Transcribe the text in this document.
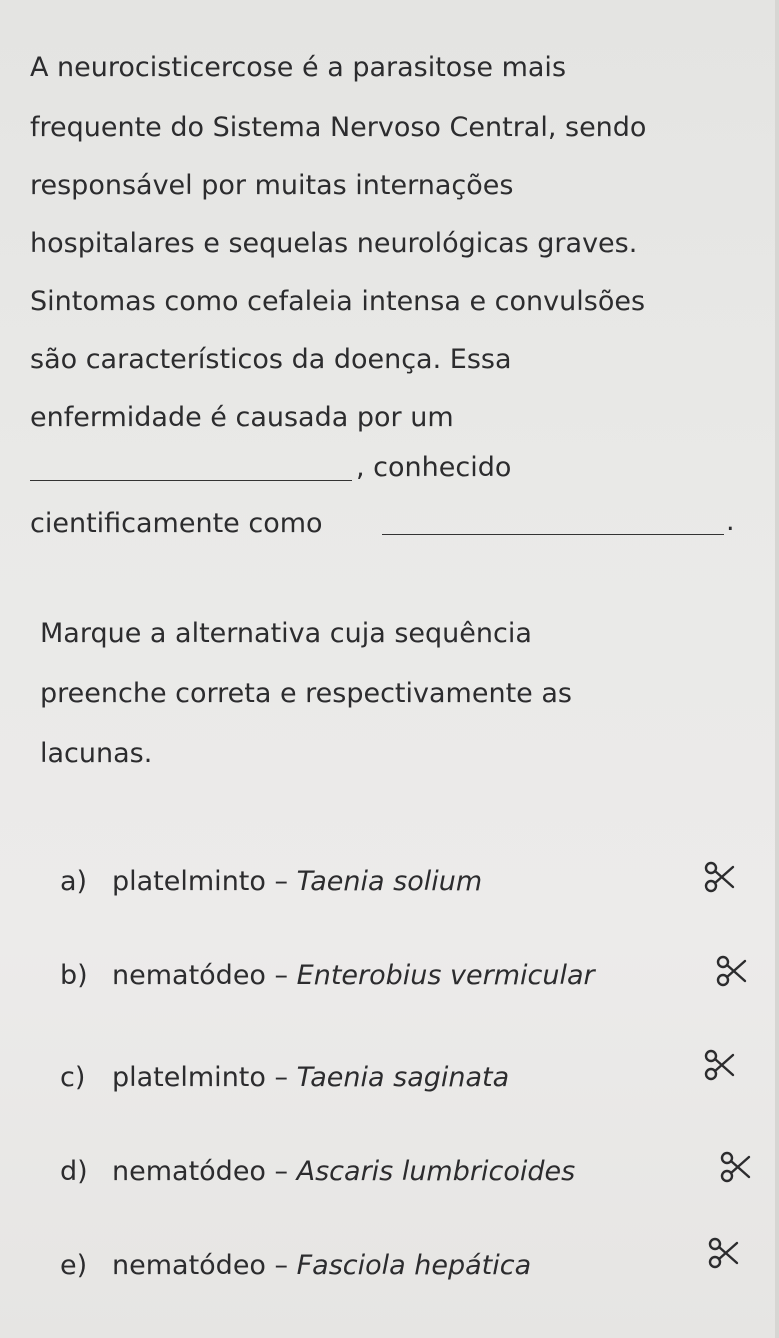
A neurocisticercose é a parasitose mais
frequente do Sistema Nervoso Central, sendo
responsável por muitas internações
hospitalares e sequelas neurológicas graves.
Sintomas como cefaleia intensa e convulsões
são característicos da doença. Essa
enfermidade é causada por um
, conhecido
cientificamente como	.
Marque a alternativa cuja sequência
preenche correta e respectivamente as
lacunas.
a) platelminto – Taenia solium
b) nematódeo – Enterobius vermicular
c) platelminto – Taenia saginata
d) nematódeo – Ascaris lumbricoides
e) nematódeo – Fasciola hepática
